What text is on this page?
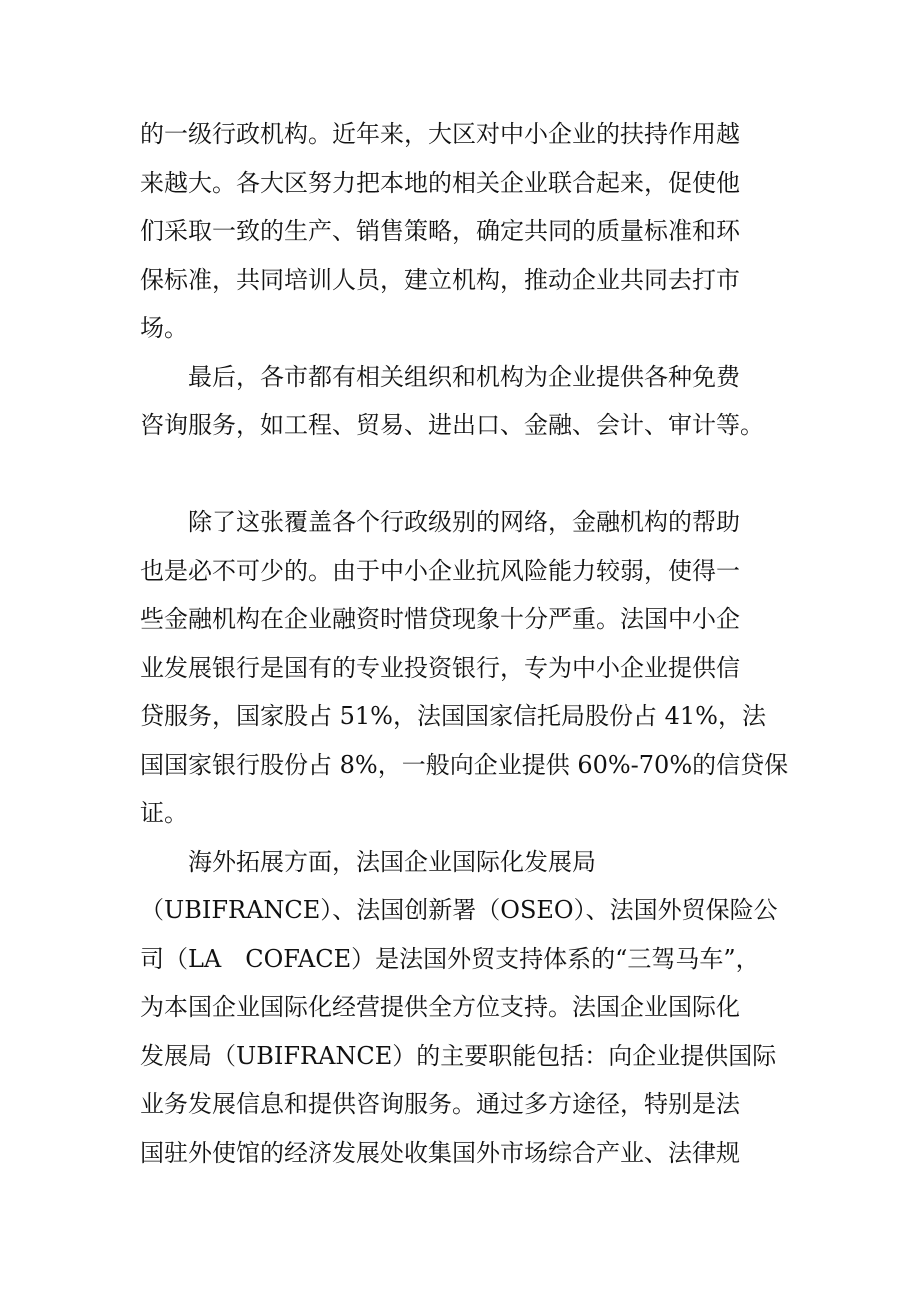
的一级行政机构。近年来，大区对中小企业的扶持作用越
来越大。各大区努力把本地的相关企业联合起来，促使他
们采取一致的生产、销售策略，确定共同的质量标准和环
保标准，共同培训人员，建立机构，推动企业共同去打市
场。
最后，各市都有相关组织和机构为企业提供各种免费
咨询服务，如工程、贸易、进出口、金融、会计、审计等。
除了这张覆盖各个行政级别的网络，金融机构的帮助
也是必不可少的。由于中小企业抗风险能力较弱，使得一
些金融机构在企业融资时惜贷现象十分严重。法国中小企
业发展银行是国有的专业投资银行，专为中小企业提供信
贷服务，国家股占 51%，法国国家信托局股份占 41%，法
国国家银行股份占 8%，一般向企业提供 60%-70%的信贷保
证。
海外拓展方面，法国企业国际化发展局
（UBIFRANCE）、法国创新署（OSEO）、法国外贸保险公
司（LA　COFACE）是法国外贸支持体系的“三驾马车”，
为本国企业国际化经营提供全方位支持。法国企业国际化
发展局（UBIFRANCE）的主要职能包括：向企业提供国际
业务发展信息和提供咨询服务。通过多方途径，特别是法
国驻外使馆的经济发展处收集国外市场综合产业、法律规
